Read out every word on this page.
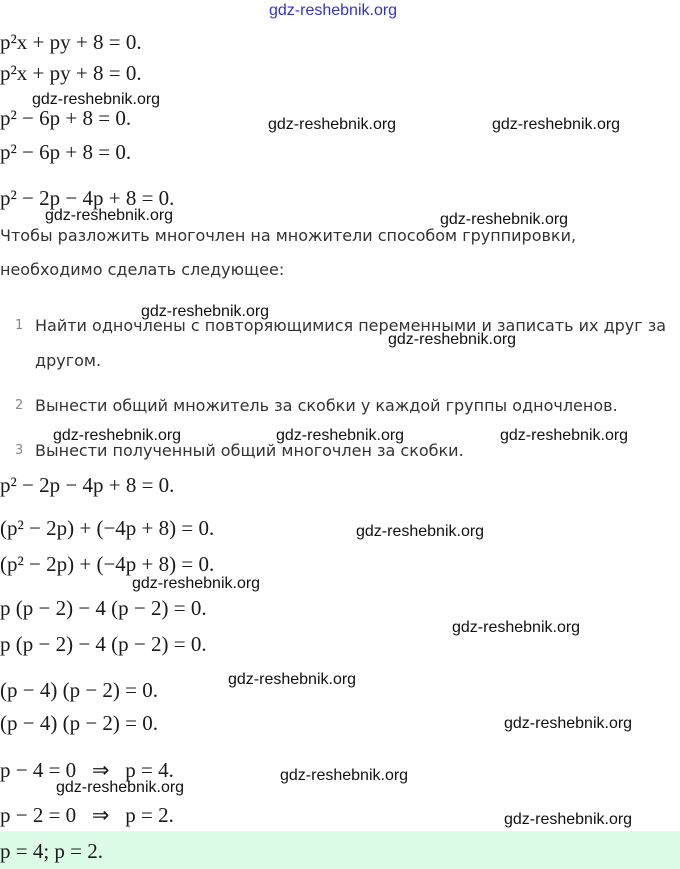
gdz-reshebnik.org
p²x + py + 8 = 0.
p²x + py + 8 = 0.
p² − 6p + 8 = 0.
p² − 6p + 8 = 0.
p² − 2p − 4p + 8 = 0.
Чтобы разложить многочлен на множители способом группировки,
необходимо сделать следующее:
1 Найти одночлены с повторяющимися переменными и записать их друг за другом.
2 Вынести общий множитель за скобки у каждой группы одночленов.
3 Вынести полученный общий многочлен за скобки.
p² − 2p − 4p + 8 = 0.
(p² − 2p) + (−4p + 8) = 0.
(p² − 2p) + (−4p + 8) = 0.
p (p − 2) − 4 (p − 2) = 0.
p (p − 2) − 4 (p − 2) = 0.
(p − 4) (p − 2) = 0.
(p − 4) (p − 2) = 0.
p − 4 = 0   ⇒   p = 4.
p − 2 = 0   ⇒   p = 2.
p = 4; p = 2.
gdz-reshebnik.org
gdz-reshebnik.org	gdz-reshebnik.org
gdz-reshebnik.org	gdz-reshebnik.org
gdz-reshebnik.org
gdz-reshebnik.org
gdz-reshebnik.org	gdz-reshebnik.org	gdz-reshebnik.org
gdz-reshebnik.org
gdz-reshebnik.org
gdz-reshebnik.org
gdz-reshebnik.org
gdz-reshebnik.org
gdz-reshebnik.org
gdz-reshebnik.org
gdz-reshebnik.org
